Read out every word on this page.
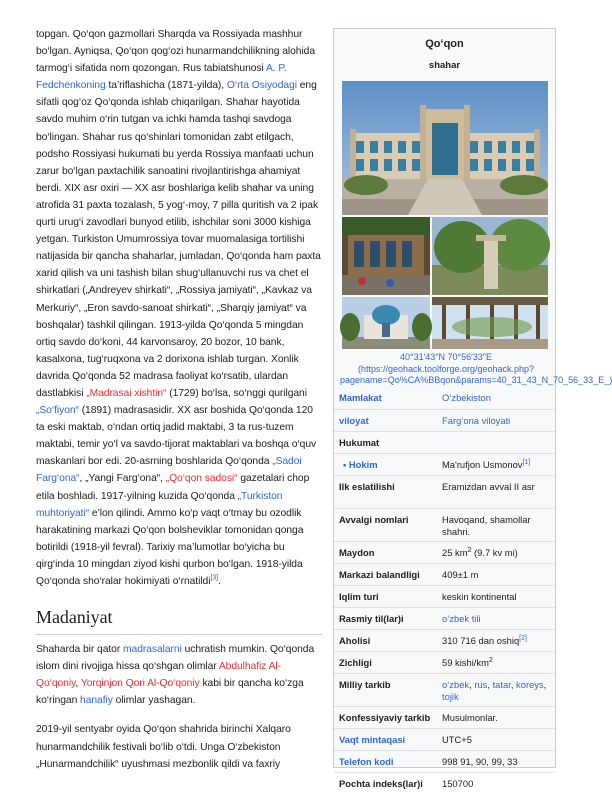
topgan. Qo‘qon gazmollari Sharqda va Rossiyada mashhur bo‘lgan. Ayniqsa, Qo‘qon qog‘ozi hunarmandchilikning alohida tarmog‘i sifatida nom qozongan. Rus tabiatshunosi A. P. Fedchenkoning ta’riflashicha (1871-yilda), O‘rta Osiyodagi eng sifatli qog‘oz Qo‘qonda ishlab chiqarilgan. Shahar hayotida savdo muhim o‘rin tutgan va ichki hamda tashqi savdoga bo‘lingan. Shahar rus qo‘shinlari tomonidan zabt etilgach, podsho Rossiyasi hukumati bu yerda Rossiya manfaati uchun zarur bo‘lgan paxtachilik sanoatini rivojlantirishga ahamiyat berdi. XIX asr oxiri — XX asr boshlariga kelib shahar va uning atrofida 31 paxta tozalash, 5 yog‘-moy, 7 pilla quritish va 2 ipak qurti urug‘i zavodlari bunyod etilib, ishchilar soni 3000 kishiga yetgan. Turkiston Umumrossiya tovar muomalasiga tortilishi natijasida bir qancha shaharlar, jumladan, Qo‘qonda ham paxta xarid qilish va uni tashish bilan shug‘ullanuvchi rus va chet el shirkatlari („Andreyev shirkati“, „Rossiya jamiyati“, „Kavkaz va Merkuriy“, „Eron savdo-sanoat shirkati“, „Sharqiy jamiyat“ va boshqalar) tashkil qilingan. 1913-yilda Qo‘qonda 5 mingdan ortiq savdo do‘koni, 44 karvonsaroy, 20 bozor, 10 bank, kasalxona, tug‘ruqxona va 2 dorixona ishlab turgan. Xonlik davrida Qo‘qonda 52 madrasa faoliyat ko‘rsatib, ulardan dastlabkisi „Madrasai xishtin“ (1729) bo‘lsa, so‘nggi qurilgani „So‘fiyon“ (1891) madrasasidir. XX asr boshida Qo‘qonda 120 ta eski maktab, o‘ndan ortiq jadid maktabi, 3 ta rus-tuzem maktabi, temir yo‘l va savdo-tijorat maktablari va boshqa o‘quv maskanlari bor edi. 20-asrning boshlarida Qo‘qonda „Sadoi Farg‘ona“, „Yangi Farg‘ona“, „Qo‘qon sadosi“ gazetalari chop etila boshladi. 1917-yilning kuzida Qo‘qonda „Turkiston muhtoriyati“ e’lon qilindi. Ammo ko‘p vaqt o‘tmay bu ozodlik harakatining markazi Qo‘qon bolsheviklar tomonidan qonga botirildi (1918-yil fevral). Tarixiy ma’lumotlar bo‘yicha bu qirg‘inda 10 mingdan ziyod kishi qurbon bo‘lgan. 1918-yilda Qo‘qonda sho‘ralar hokimiyati o‘rnatildi[3].

Madaniyat

Shaharda bir qator madrasalarni uchratish mumkin. Qo‘qonda islom dini rivojiga hissa qo‘shgan olimlar Abdulhafiz Al-Qo‘qoniy, Yorqinjon Qori Al-Qo‘qoniy kabi bir qancha ko‘zga ko‘ringan hanafiy olimlar yashagan.

2019-yil sentyabr oyida Qo‘qon shahrida birinchi Xalqaro hunarmandchilik festivali bo‘lib o‘tdi. Unga O‘zbekiston „Hunarmandchilik“ uyushmasi mezbonlik qildi va faxriy

Qoʻqon
shahar
40°31′43″N 70°56′33″E (https://geohack.toolforge.org/geohack.php?pagename=Qo%CA%BBqon&params=40_31_43_N_70_56_33_E_)
Mamlakat	Oʻzbekiston
viloyat	Farg‘ona viloyati
Hukumat	
• Hokim	Ma'rufjon Usmonov[1]
Ilk eslatilishi	Eramizdan avval II asr
Avvalgi nomlari	Havoqand, shamollar shahri.
Maydon	25 $km^2$ (9.7 kv mi)
Markazi balandligi	409±1 m
Iqlim turi	keskin kontinental
Rasmiy til(lar)i	oʻzbek tili
Aholisi	310 716 dan oshiq[2]
Zichligi	59 kishi/$km^2$
Milliy tarkib	oʻzbek, rus, tatar, koreys, tojik
Konfessiyaviy tarkib	Musulmonlar.
Vaqt mintaqasi	UTC+5
Telefon kodi	998 91, 90, 99, 33
Pochta indeks(lar)i	150700
